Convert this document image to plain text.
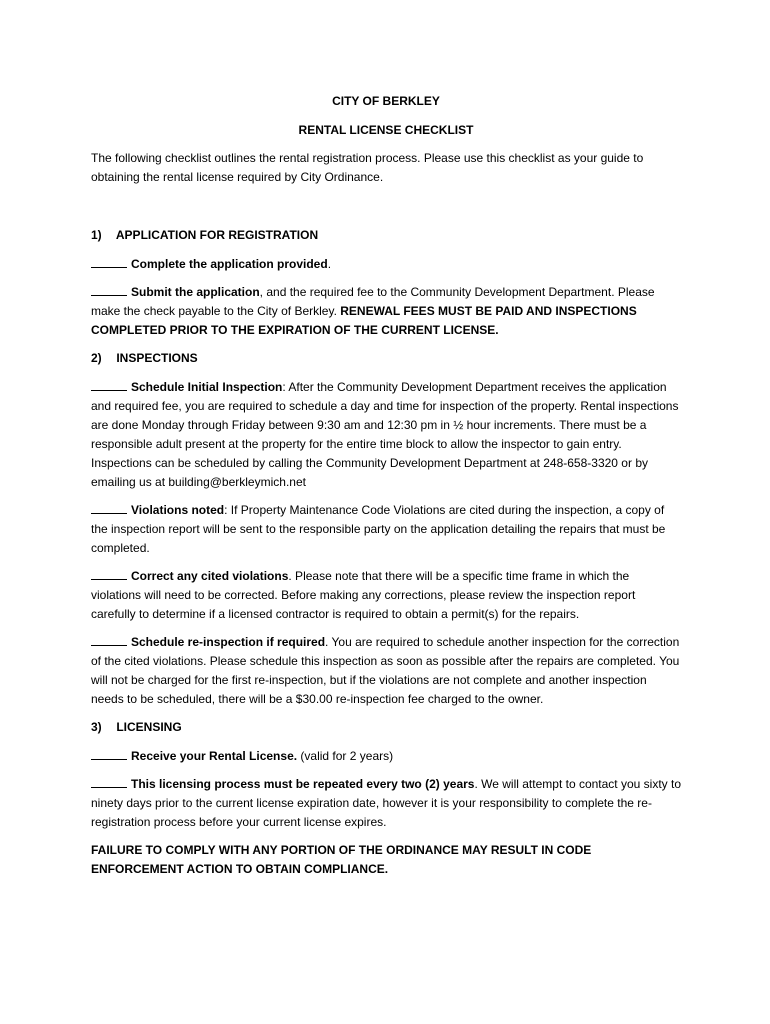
CITY OF BERKLEY

RENTAL LICENSE CHECKLIST

The following checklist outlines the rental registration process. Please use this checklist as your guide to obtaining the rental license required by City Ordinance.

1) APPLICATION FOR REGISTRATION

Complete the application provided.

Submit the application, and the required fee to the Community Development Department. Please make the check payable to the City of Berkley. RENEWAL FEES MUST BE PAID AND INSPECTIONS COMPLETED PRIOR TO THE EXPIRATION OF THE CURRENT LICENSE.

2) INSPECTIONS

Schedule Initial Inspection: After the Community Development Department receives the application and required fee, you are required to schedule a day and time for inspection of the property. Rental inspections are done Monday through Friday between 9:30 am and 12:30 pm in ½ hour increments. There must be a responsible adult present at the property for the entire time block to allow the inspector to gain entry. Inspections can be scheduled by calling the Community Development Department at 248-658-3320 or by emailing us at building@berkleymich.net

Violations noted: If Property Maintenance Code Violations are cited during the inspection, a copy of the inspection report will be sent to the responsible party on the application detailing the repairs that must be completed.

Correct any cited violations. Please note that there will be a specific time frame in which the violations will need to be corrected. Before making any corrections, please review the inspection report carefully to determine if a licensed contractor is required to obtain a permit(s) for the repairs.

Schedule re-inspection if required. You are required to schedule another inspection for the correction of the cited violations. Please schedule this inspection as soon as possible after the repairs are completed. You will not be charged for the first re-inspection, but if the violations are not complete and another inspection needs to be scheduled, there will be a $30.00 re-inspection fee charged to the owner.

3) LICENSING

Receive your Rental License. (valid for 2 years)

This licensing process must be repeated every two (2) years. We will attempt to contact you sixty to ninety days prior to the current license expiration date, however it is your responsibility to complete the re-registration process before your current license expires.

FAILURE TO COMPLY WITH ANY PORTION OF THE ORDINANCE MAY RESULT IN CODE ENFORCEMENT ACTION TO OBTAIN COMPLIANCE.
